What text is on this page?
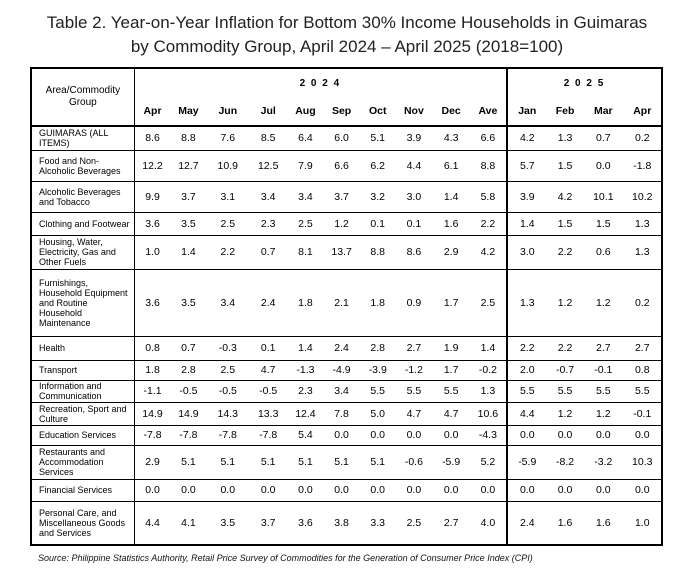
Table 2. Year-on-Year Inflation for Bottom 30% Income Households in Guimaras
by Commodity Group, April 2024 – April 2025 (2018=100)
Area/Commodity Group	2 0 2 4										2 0 2 5			
	Apr	May	Jun	Jul	Aug	Sep	Oct	Nov	Dec	Ave	Jan	Feb	Mar	Apr
GUIMARAS (ALL ITEMS)	8.6	8.8	7.6	8.5	6.4	6.0	5.1	3.9	4.3	6.6	4.2	1.3	0.7	0.2
Food and Non-Alcoholic Beverages	12.2	12.7	10.9	12.5	7.9	6.6	6.2	4.4	6.1	8.8	5.7	1.5	0.0	-1.8
Alcoholic Beverages and Tobacco	9.9	3.7	3.1	3.4	3.4	3.7	3.2	3.0	1.4	5.8	3.9	4.2	10.1	10.2
Clothing and Footwear	3.6	3.5	2.5	2.3	2.5	1.2	0.1	0.1	1.6	2.2	1.4	1.5	1.5	1.3
Housing, Water, Electricity, Gas and Other Fuels	1.0	1.4	2.2	0.7	8.1	13.7	8.8	8.6	2.9	4.2	3.0	2.2	0.6	1.3
Furnishings, Household Equipment and Routine Household Maintenance	3.6	3.5	3.4	2.4	1.8	2.1	1.8	0.9	1.7	2.5	1.3	1.2	1.2	0.2
Health	0.8	0.7	-0.3	0.1	1.4	2.4	2.8	2.7	1.9	1.4	2.2	2.2	2.7	2.7
Transport	1.8	2.8	2.5	4.7	-1.3	-4.9	-3.9	-1.2	1.7	-0.2	2.0	-0.7	-0.1	0.8
Information and Communication	-1.1	-0.5	-0.5	-0.5	2.3	3.4	5.5	5.5	5.5	1.3	5.5	5.5	5.5	5.5
Recreation, Sport and Culture	14.9	14.9	14.3	13.3	12.4	7.8	5.0	4.7	4.7	10.6	4.4	1.2	1.2	-0.1
Education Services	-7.8	-7.8	-7.8	-7.8	5.4	0.0	0.0	0.0	0.0	-4.3	0.0	0.0	0.0	0.0
Restaurants and Accommodation Services	2.9	5.1	5.1	5.1	5.1	5.1	5.1	-0.6	-5.9	5.2	-5.9	-8.2	-3.2	10.3
Financial Services	0.0	0.0	0.0	0.0	0.0	0.0	0.0	0.0	0.0	0.0	0.0	0.0	0.0	0.0
Personal Care, and Miscellaneous Goods and Services	4.4	4.1	3.5	3.7	3.6	3.8	3.3	2.5	2.7	4.0	2.4	1.6	1.6	1.0
Source: Philippine Statistics Authority, Retail Price Survey of Commodities for the Generation of Consumer Price Index (CPI)
